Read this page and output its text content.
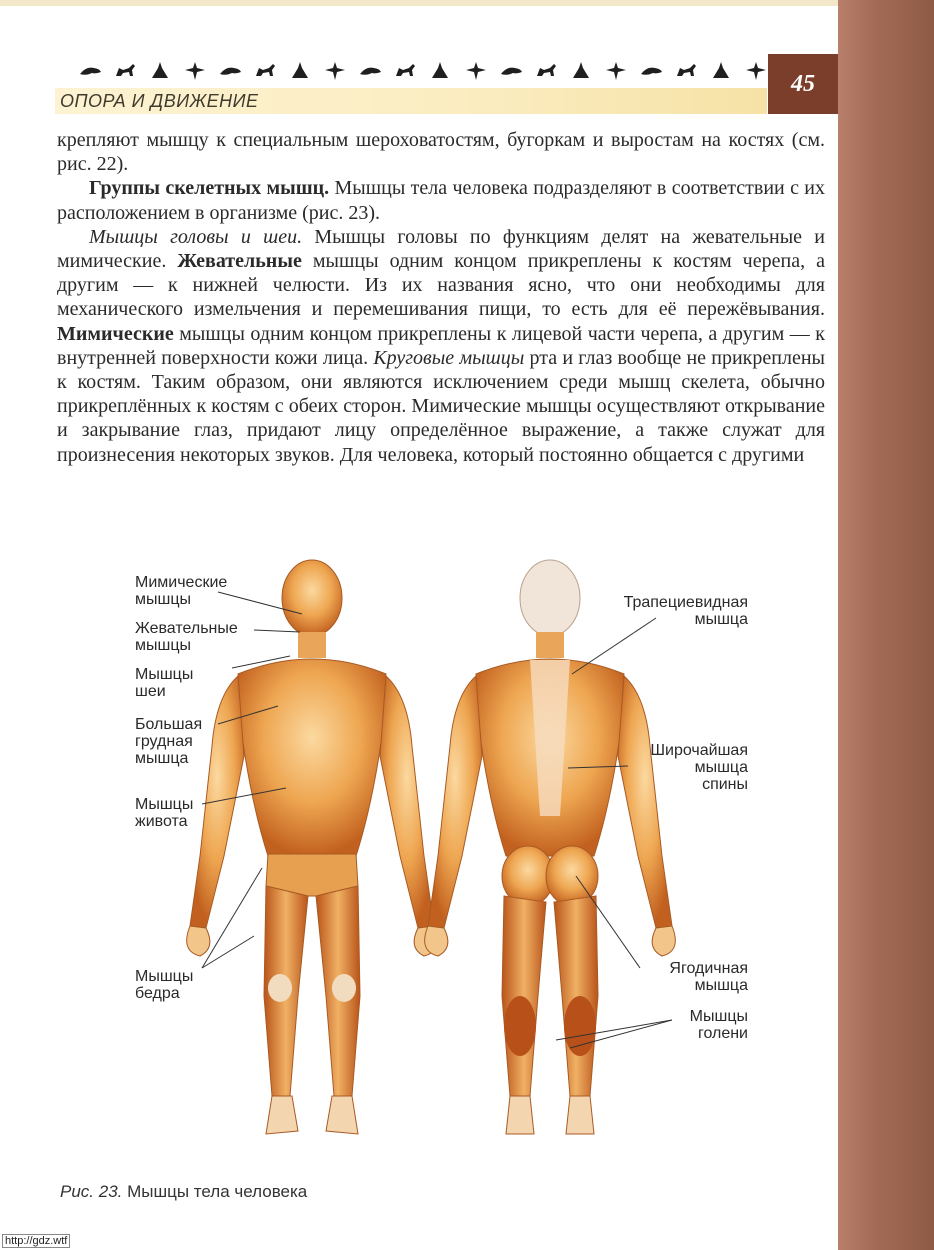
ОПОРА И ДВИЖЕНИЕ
45

крепляют мышцу к специальным шероховатостям, бугоркам и выростам на костях (см. рис. 22).

Группы скелетных мышц. Мышцы тела человека подразделяют в соответствии с их расположением в организме (рис. 23).

Мышцы головы и шеи. Мышцы головы по функциям делят на жевательные и мимические. Жевательные мышцы одним концом прикреплены к костям черепа, а другим — к нижней челюсти. Из их названия ясно, что они необходимы для механического измельчения и перемешивания пищи, то есть для её пережёвывания. Мимические мышцы одним концом прикреплены к лицевой части черепа, а другим — к внутренней поверхности кожи лица. Круговые мышцы рта и глаз вообще не прикреплены к костям. Таким образом, они являются исключением среди мышц скелета, обычно прикреплённых к костям с обеих сторон. Мимические мышцы осуществляют открывание и закрывание глаз, придают лицу определённое выражение, а также служат для произнесения некоторых звуков. Для человека, который постоянно общается с другими

Мимические
мышцы
Жевательные
мышцы
Мышцы
шеи
Большая
грудная
мышца
Мышцы
живота
Мышцы
бедра
Трапециевидная
мышца
Широчайшая
мышца
спины
Ягодичная
мышца
Мышцы
голени
Рис. 23. Мышцы тела человека
http://gdz.wtf
